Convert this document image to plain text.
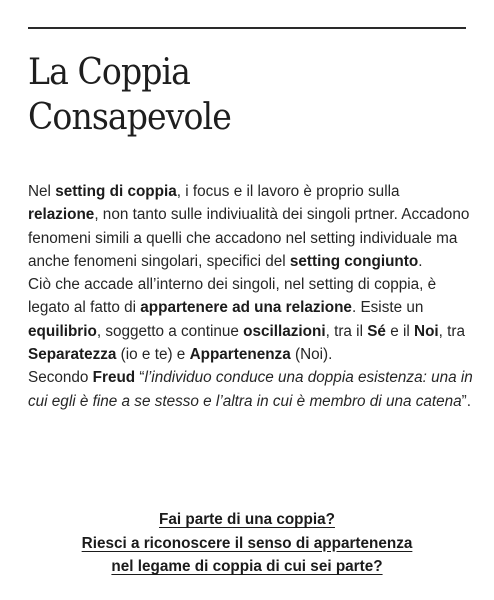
La Coppia
Consapevole

Nel setting di coppia, i focus e il lavoro è proprio sulla relazione, non tanto sulle indiviualità dei singoli prtner. Accadono fenomeni simili a quelli che accadono nel setting individuale ma anche fenomeni singolari, specifici del setting congiunto.

Ciò che accade all’interno dei singoli, nel setting di coppia, è legato al fatto di appartenere ad una relazione. Esiste un equilibrio, soggetto a continue oscillazioni, tra il Sé e il Noi, tra Separatezza (io e te) e Appartenenza (Noi).

Secondo Freud “l’individuo conduce una doppia esistenza: una in cui egli è fine a se stesso e l’altra in cui è membro di una catena”.

Fai parte di una coppia?
Riesci a riconoscere il senso di appartenenza
nel legame di coppia di cui sei parte?
